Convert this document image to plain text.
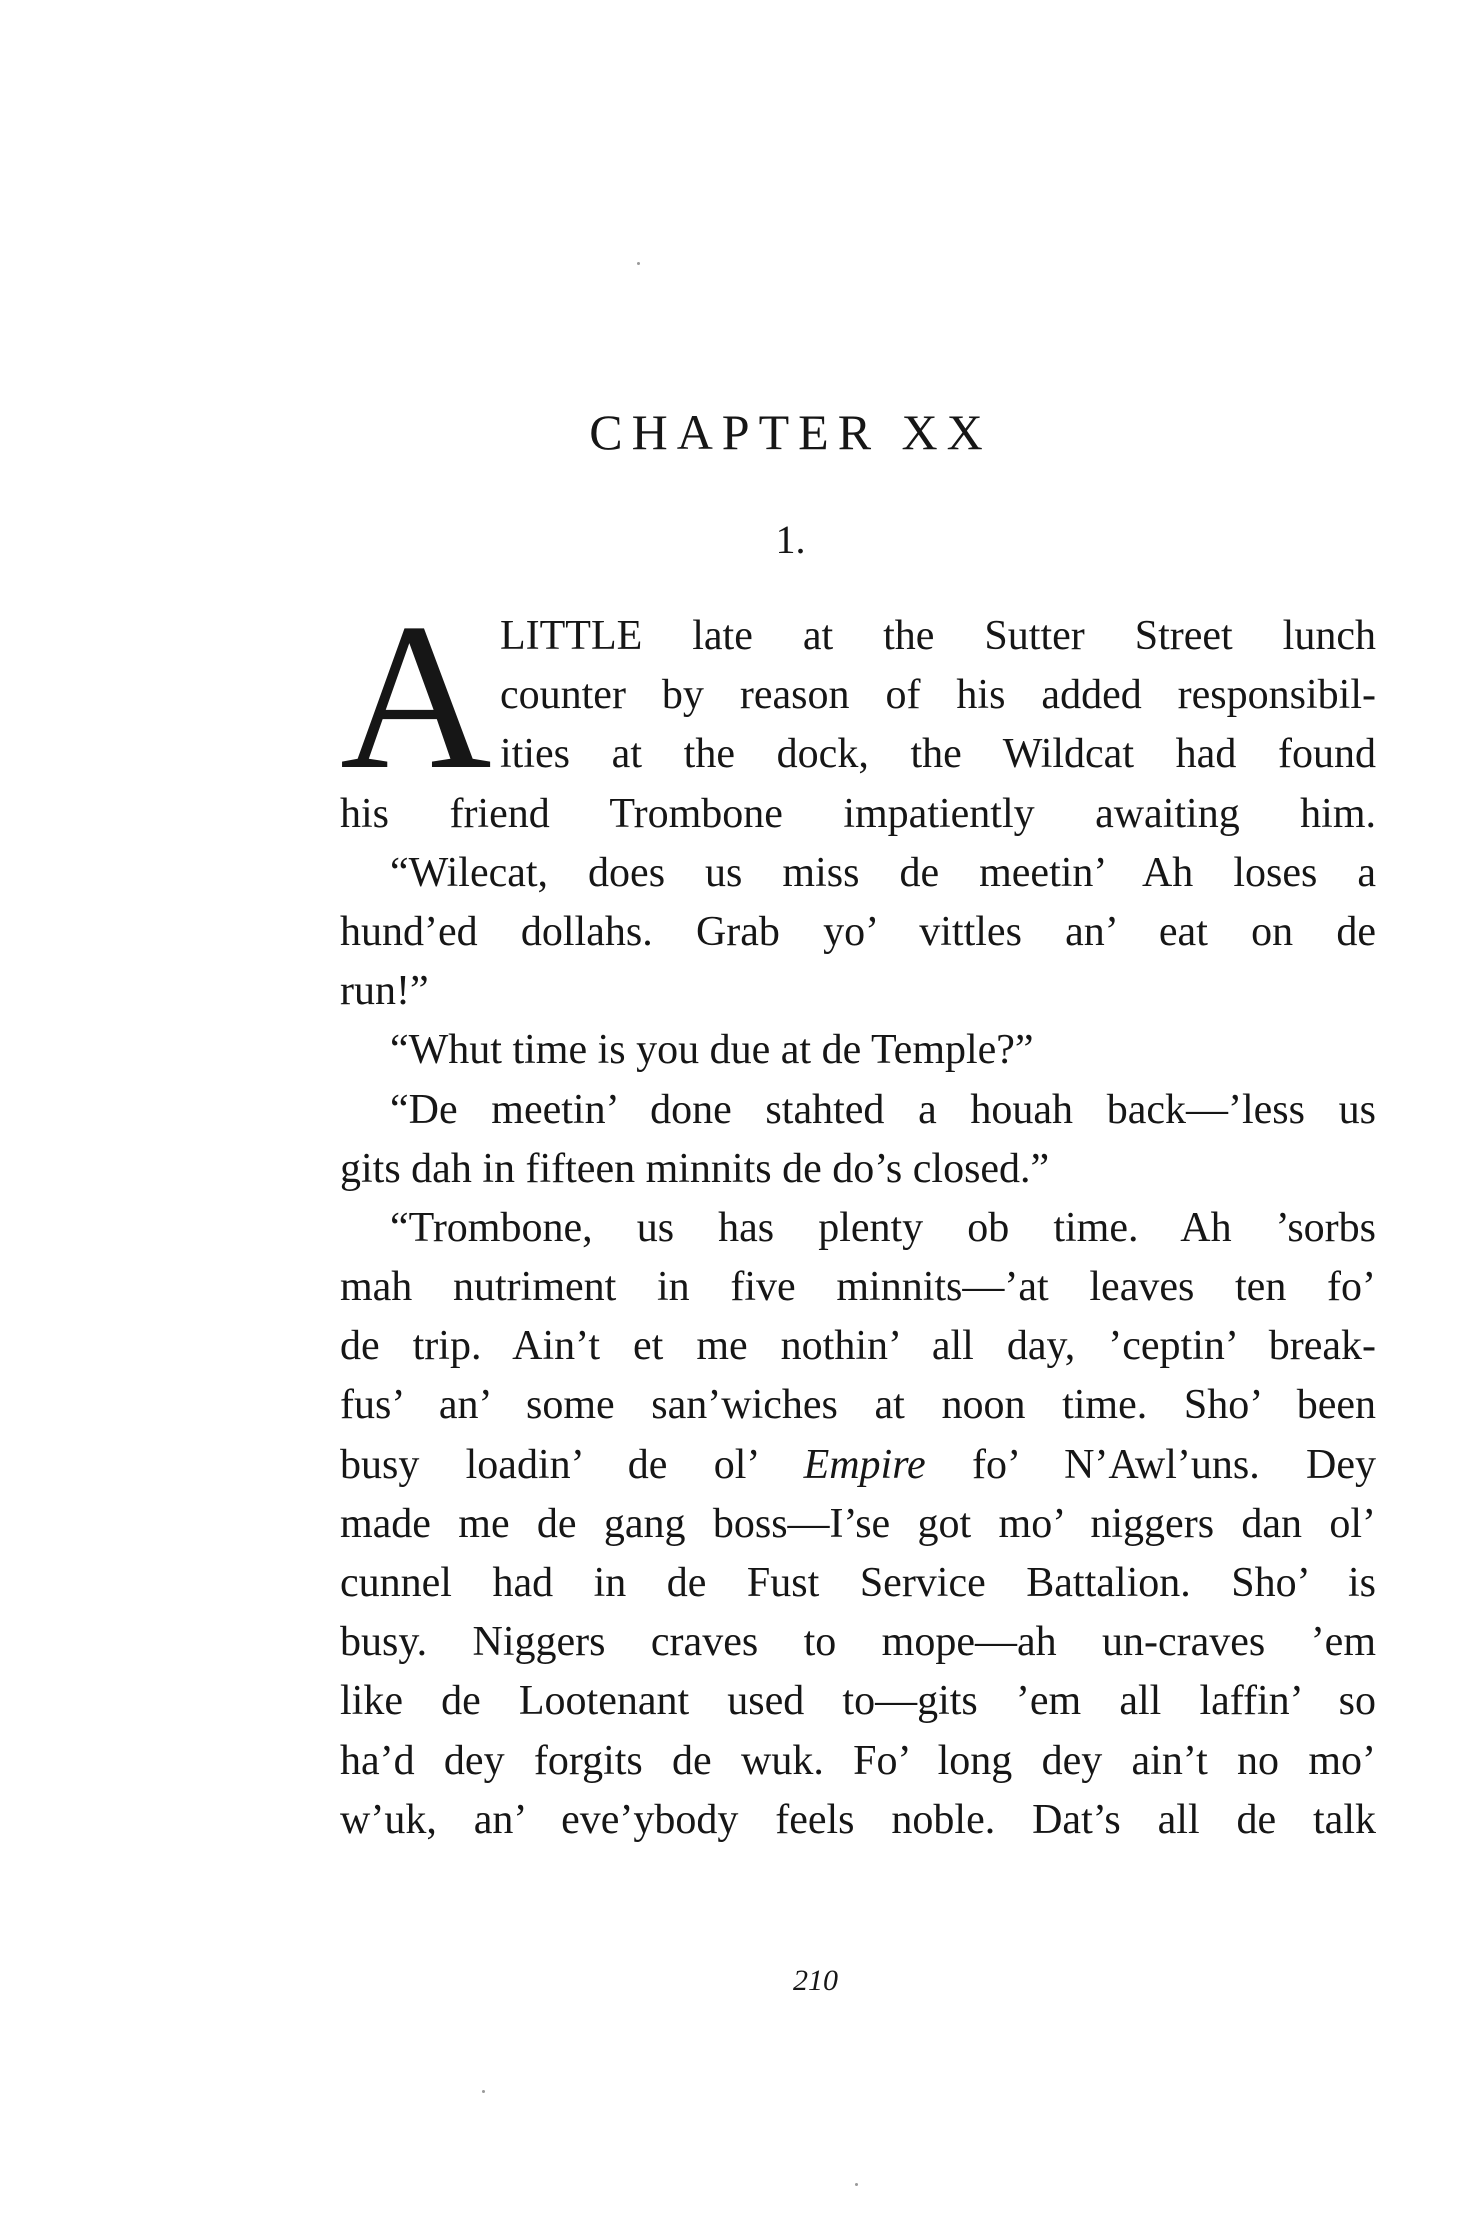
CHAPTER XX
1.
A LITTLE late at the Sutter Street lunch
counter by reason of his added responsibil-
ities at the dock, the Wildcat had found
his friend Trombone impatiently awaiting him.
“Wilecat, does us miss de meetin’ Ah loses a
hund’ed dollahs. Grab yo’ vittles an’ eat on de
run!”
“Whut time is you due at de Temple?”
“De meetin’ done stahted a houah back—’less us
gits dah in fifteen minnits de do’s closed.”
“Trombone, us has plenty ob time. Ah ’sorbs
mah nutriment in five minnits—’at leaves ten fo’
de trip. Ain’t et me nothin’ all day, ’ceptin’ break-
fus’ an’ some san’wiches at noon time. Sho’ been
busy loadin’ de ol’ Empire fo’ N’Awl’uns. Dey
made me de gang boss—I’se got mo’ niggers dan ol’
cunnel had in de Fust Service Battalion. Sho’ is
busy. Niggers craves to mope—ah un-craves ’em
like de Lootenant used to—gits ’em all laffin’ so
ha’d dey forgits de wuk. Fo’ long dey ain’t no mo’
w’uk, an’ eve’ybody feels noble. Dat’s all de talk
210
